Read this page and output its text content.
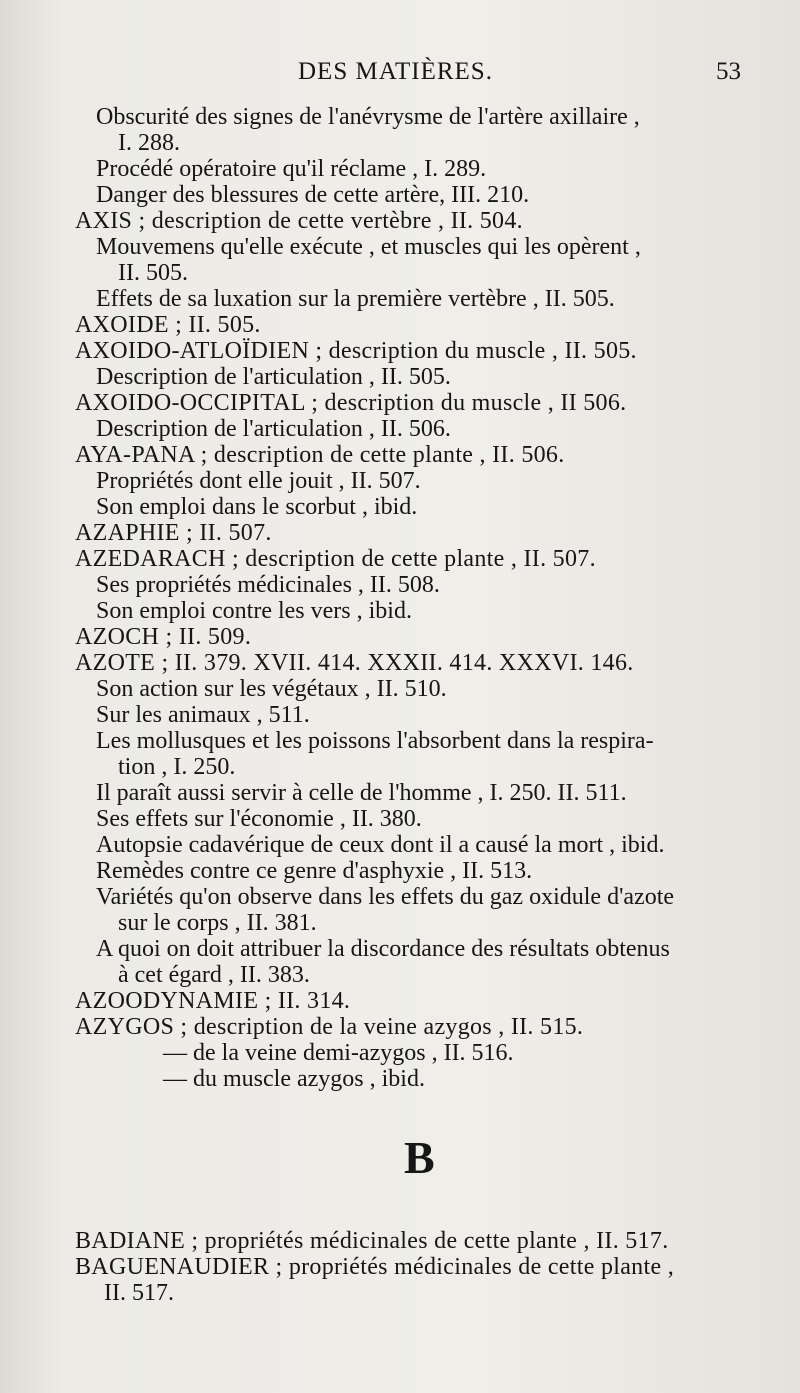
DES MATIÈRES.	53
Obscurité des signes de l'anévrysme de l'artère axillaire ,
I. 288.
Procédé opératoire qu'il réclame , I. 289.
Danger des blessures de cette artère, III. 210.
AXIS ; description de cette vertèbre , II. 504.
Mouvemens qu'elle exécute , et muscles qui les opèrent ,
II. 505.
Effets de sa luxation sur la première vertèbre , II. 505.
AXOIDE ; II. 505.
AXOIDO-ATLOÏDIEN ; description du muscle , II. 505.
Description de l'articulation , II. 505.
AXOIDO-OCCIPITAL ; description du muscle , II 506.
Description de l'articulation , II. 506.
AYA-PANA ; description de cette plante , II. 506.
Propriétés dont elle jouit , II. 507.
Son emploi dans le scorbut , ibid.
AZAPHIE ; II. 507.
AZEDARACH ; description de cette plante , II. 507.
Ses propriétés médicinales , II. 508.
Son emploi contre les vers , ibid.
AZOCH ; II. 509.
AZOTE ; II. 379. XVII. 414. XXXII. 414. XXXVI. 146.
Son action sur les végétaux , II. 510.
Sur les animaux , 511.
Les mollusques et les poissons l'absorbent dans la respira-
tion , I. 250.
Il paraît aussi servir à celle de l'homme , I. 250. II. 511.
Ses effets sur l'économie , II. 380.
Autopsie cadavérique de ceux dont il a causé la mort , ibid.
Remèdes contre ce genre d'asphyxie , II. 513.
Variétés qu'on observe dans les effets du gaz oxidule d'azote
sur le corps , II. 381.
A quoi on doit attribuer la discordance des résultats obtenus
à cet égard , II. 383.
AZOODYNAMIE ; II. 314.
AZYGOS ; description de la veine azygos , II. 515.
— de la veine demi-azygos , II. 516.
— du muscle azygos , ibid.
BADIANE ; propriétés médicinales de cette plante , II. 517.
BAGUENAUDIER ; propriétés médicinales de cette plante ,
II. 517.
B
